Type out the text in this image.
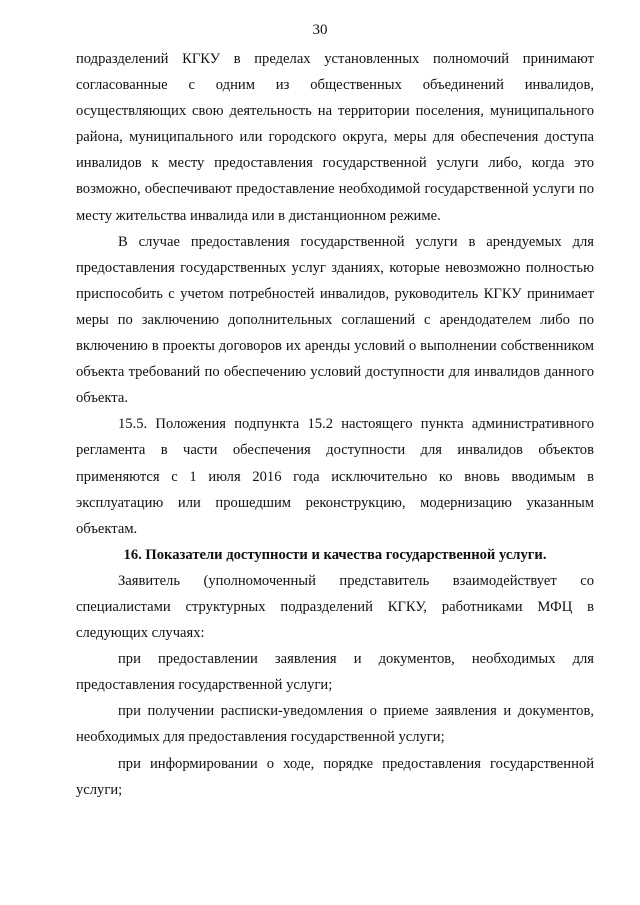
30

подразделений КГКУ в пределах установленных полномочий принимают согласованные с одним из общественных объединений инвалидов, осуществляющих свою деятельность на территории поселения, муниципального района, муниципального или городского округа, меры для обеспечения доступа инвалидов к месту предоставления государственной услуги либо, когда это возможно, обеспечивают предоставление необходимой государственной услуги по месту жительства инвалида или в дистанционном режиме.

В случае предоставления государственной услуги в арендуемых для предоставления государственных услуг зданиях, которые невозможно полностью приспособить с учетом потребностей инвалидов, руководитель КГКУ принимает меры по заключению дополнительных соглашений с арендодателем либо по включению в проекты договоров их аренды условий о выполнении собственником объекта требований по обеспечению условий доступности для инвалидов данного объекта.

15.5. Положения подпункта 15.2 настоящего пункта административного регламента в части обеспечения доступности для инвалидов объектов применяются с 1 июля 2016 года исключительно ко вновь вводимым в эксплуатацию или прошедшим реконструкцию, модернизацию указанным объектам.

16. Показатели доступности и качества государственной услуги.

Заявитель (уполномоченный представитель взаимодействует со специалистами структурных подразделений КГКУ, работниками МФЦ в следующих случаях:

при предоставлении заявления и документов, необходимых для предоставления государственной услуги;

при получении расписки-уведомления о приеме заявления и документов, необходимых для предоставления государственной услуги;

при информировании о ходе, порядке предоставления государственной услуги;
